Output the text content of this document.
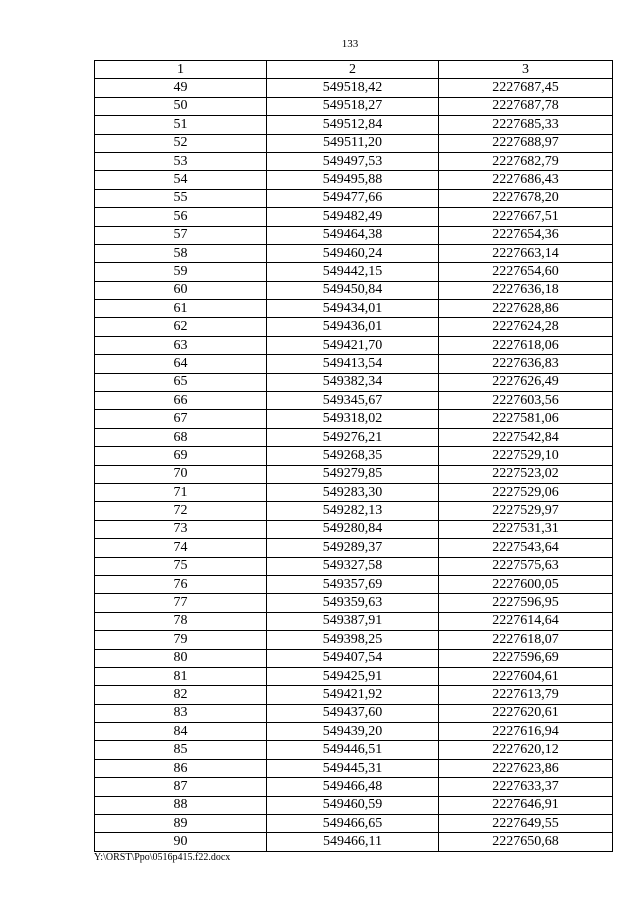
133
1	2	3
49	549518,42	2227687,45
50	549518,27	2227687,78
51	549512,84	2227685,33
52	549511,20	2227688,97
53	549497,53	2227682,79
54	549495,88	2227686,43
55	549477,66	2227678,20
56	549482,49	2227667,51
57	549464,38	2227654,36
58	549460,24	2227663,14
59	549442,15	2227654,60
60	549450,84	2227636,18
61	549434,01	2227628,86
62	549436,01	2227624,28
63	549421,70	2227618,06
64	549413,54	2227636,83
65	549382,34	2227626,49
66	549345,67	2227603,56
67	549318,02	2227581,06
68	549276,21	2227542,84
69	549268,35	2227529,10
70	549279,85	2227523,02
71	549283,30	2227529,06
72	549282,13	2227529,97
73	549280,84	2227531,31
74	549289,37	2227543,64
75	549327,58	2227575,63
76	549357,69	2227600,05
77	549359,63	2227596,95
78	549387,91	2227614,64
79	549398,25	2227618,07
80	549407,54	2227596,69
81	549425,91	2227604,61
82	549421,92	2227613,79
83	549437,60	2227620,61
84	549439,20	2227616,94
85	549446,51	2227620,12
86	549445,31	2227623,86
87	549466,48	2227633,37
88	549460,59	2227646,91
89	549466,65	2227649,55
90	549466,11	2227650,68
Y:\ORST\Ppo\0516p415.f22.docx
